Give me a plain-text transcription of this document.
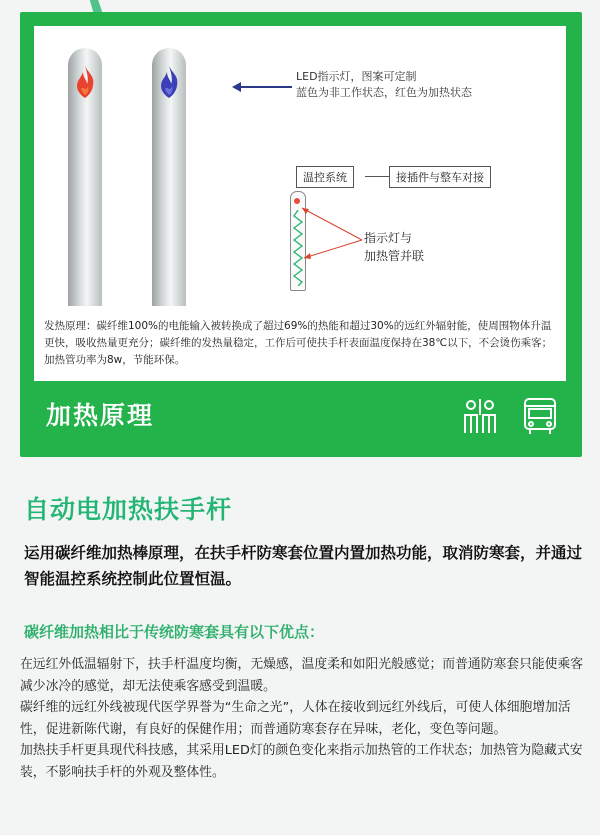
LED指示灯，图案可定制
蓝色为非工作状态，红色为加热状态
温控系统	接插件与整车对接
指示灯与
加热管并联
发热原理：碳纤维100%的电能输入被转换成了超过69%的热能和超过30%的远红外辐射能，使周围物体升温更快，吸收热量更充分；碳纤维的发热量稳定，工作后可使扶手杆表面温度保持在38℃以下，不会烫伤乘客；加热管功率为8w，节能环保。
加热原理
自动电加热扶手杆
运用碳纤维加热棒原理，在扶手杆防寒套位置内置加热功能，取消防寒套，并通过智能温控系统控制此位置恒温。
碳纤维加热相比于传统防寒套具有以下优点：

在远红外低温辐射下，扶手杆温度均衡，无燥感，温度柔和如阳光般感觉；而普通防寒套只能使乘客减少冰冷的感觉，却无法使乘客感受到温暖。

碳纤维的远红外线被现代医学界誉为“生命之光”，人体在接收到远红外线后，可使人体细胞增加活性，促进新陈代谢，有良好的保健作用；而普通防寒套存在异味，老化，变色等问题。

加热扶手杆更具现代科技感，其采用LED灯的颜色变化来指示加热管的工作状态；加热管为隐藏式安装，不影响扶手杆的外观及整体性。
